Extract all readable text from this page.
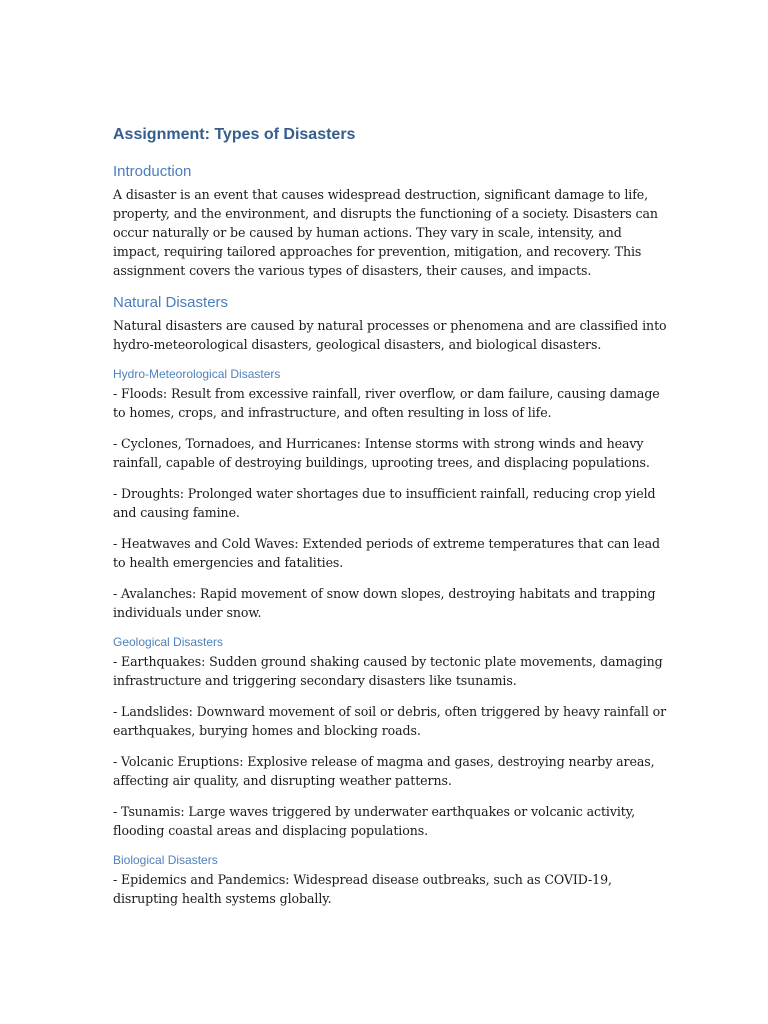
Assignment: Types of Disasters
Introduction

A disaster is an event that causes widespread destruction, significant damage to life, property, and the environment, and disrupts the functioning of a society. Disasters can occur naturally or be caused by human actions. They vary in scale, intensity, and impact, requiring tailored approaches for prevention, mitigation, and recovery. This assignment covers the various types of disasters, their causes, and impacts.

Natural Disasters

Natural disasters are caused by natural processes or phenomena and are classified into hydro-meteorological disasters, geological disasters, and biological disasters.

Hydro-Meteorological Disasters

- Floods: Result from excessive rainfall, river overflow, or dam failure, causing damage to homes, crops, and infrastructure, and often resulting in loss of life.

- Cyclones, Tornadoes, and Hurricanes: Intense storms with strong winds and heavy rainfall, capable of destroying buildings, uprooting trees, and displacing populations.

- Droughts: Prolonged water shortages due to insufficient rainfall, reducing crop yield and causing famine.

- Heatwaves and Cold Waves: Extended periods of extreme temperatures that can lead to health emergencies and fatalities.

- Avalanches: Rapid movement of snow down slopes, destroying habitats and trapping individuals under snow.

Geological Disasters

- Earthquakes: Sudden ground shaking caused by tectonic plate movements, damaging infrastructure and triggering secondary disasters like tsunamis.

- Landslides: Downward movement of soil or debris, often triggered by heavy rainfall or earthquakes, burying homes and blocking roads.

- Volcanic Eruptions: Explosive release of magma and gases, destroying nearby areas, affecting air quality, and disrupting weather patterns.

- Tsunamis: Large waves triggered by underwater earthquakes or volcanic activity, flooding coastal areas and displacing populations.

Biological Disasters

- Epidemics and Pandemics: Widespread disease outbreaks, such as COVID-19, disrupting health systems globally.
